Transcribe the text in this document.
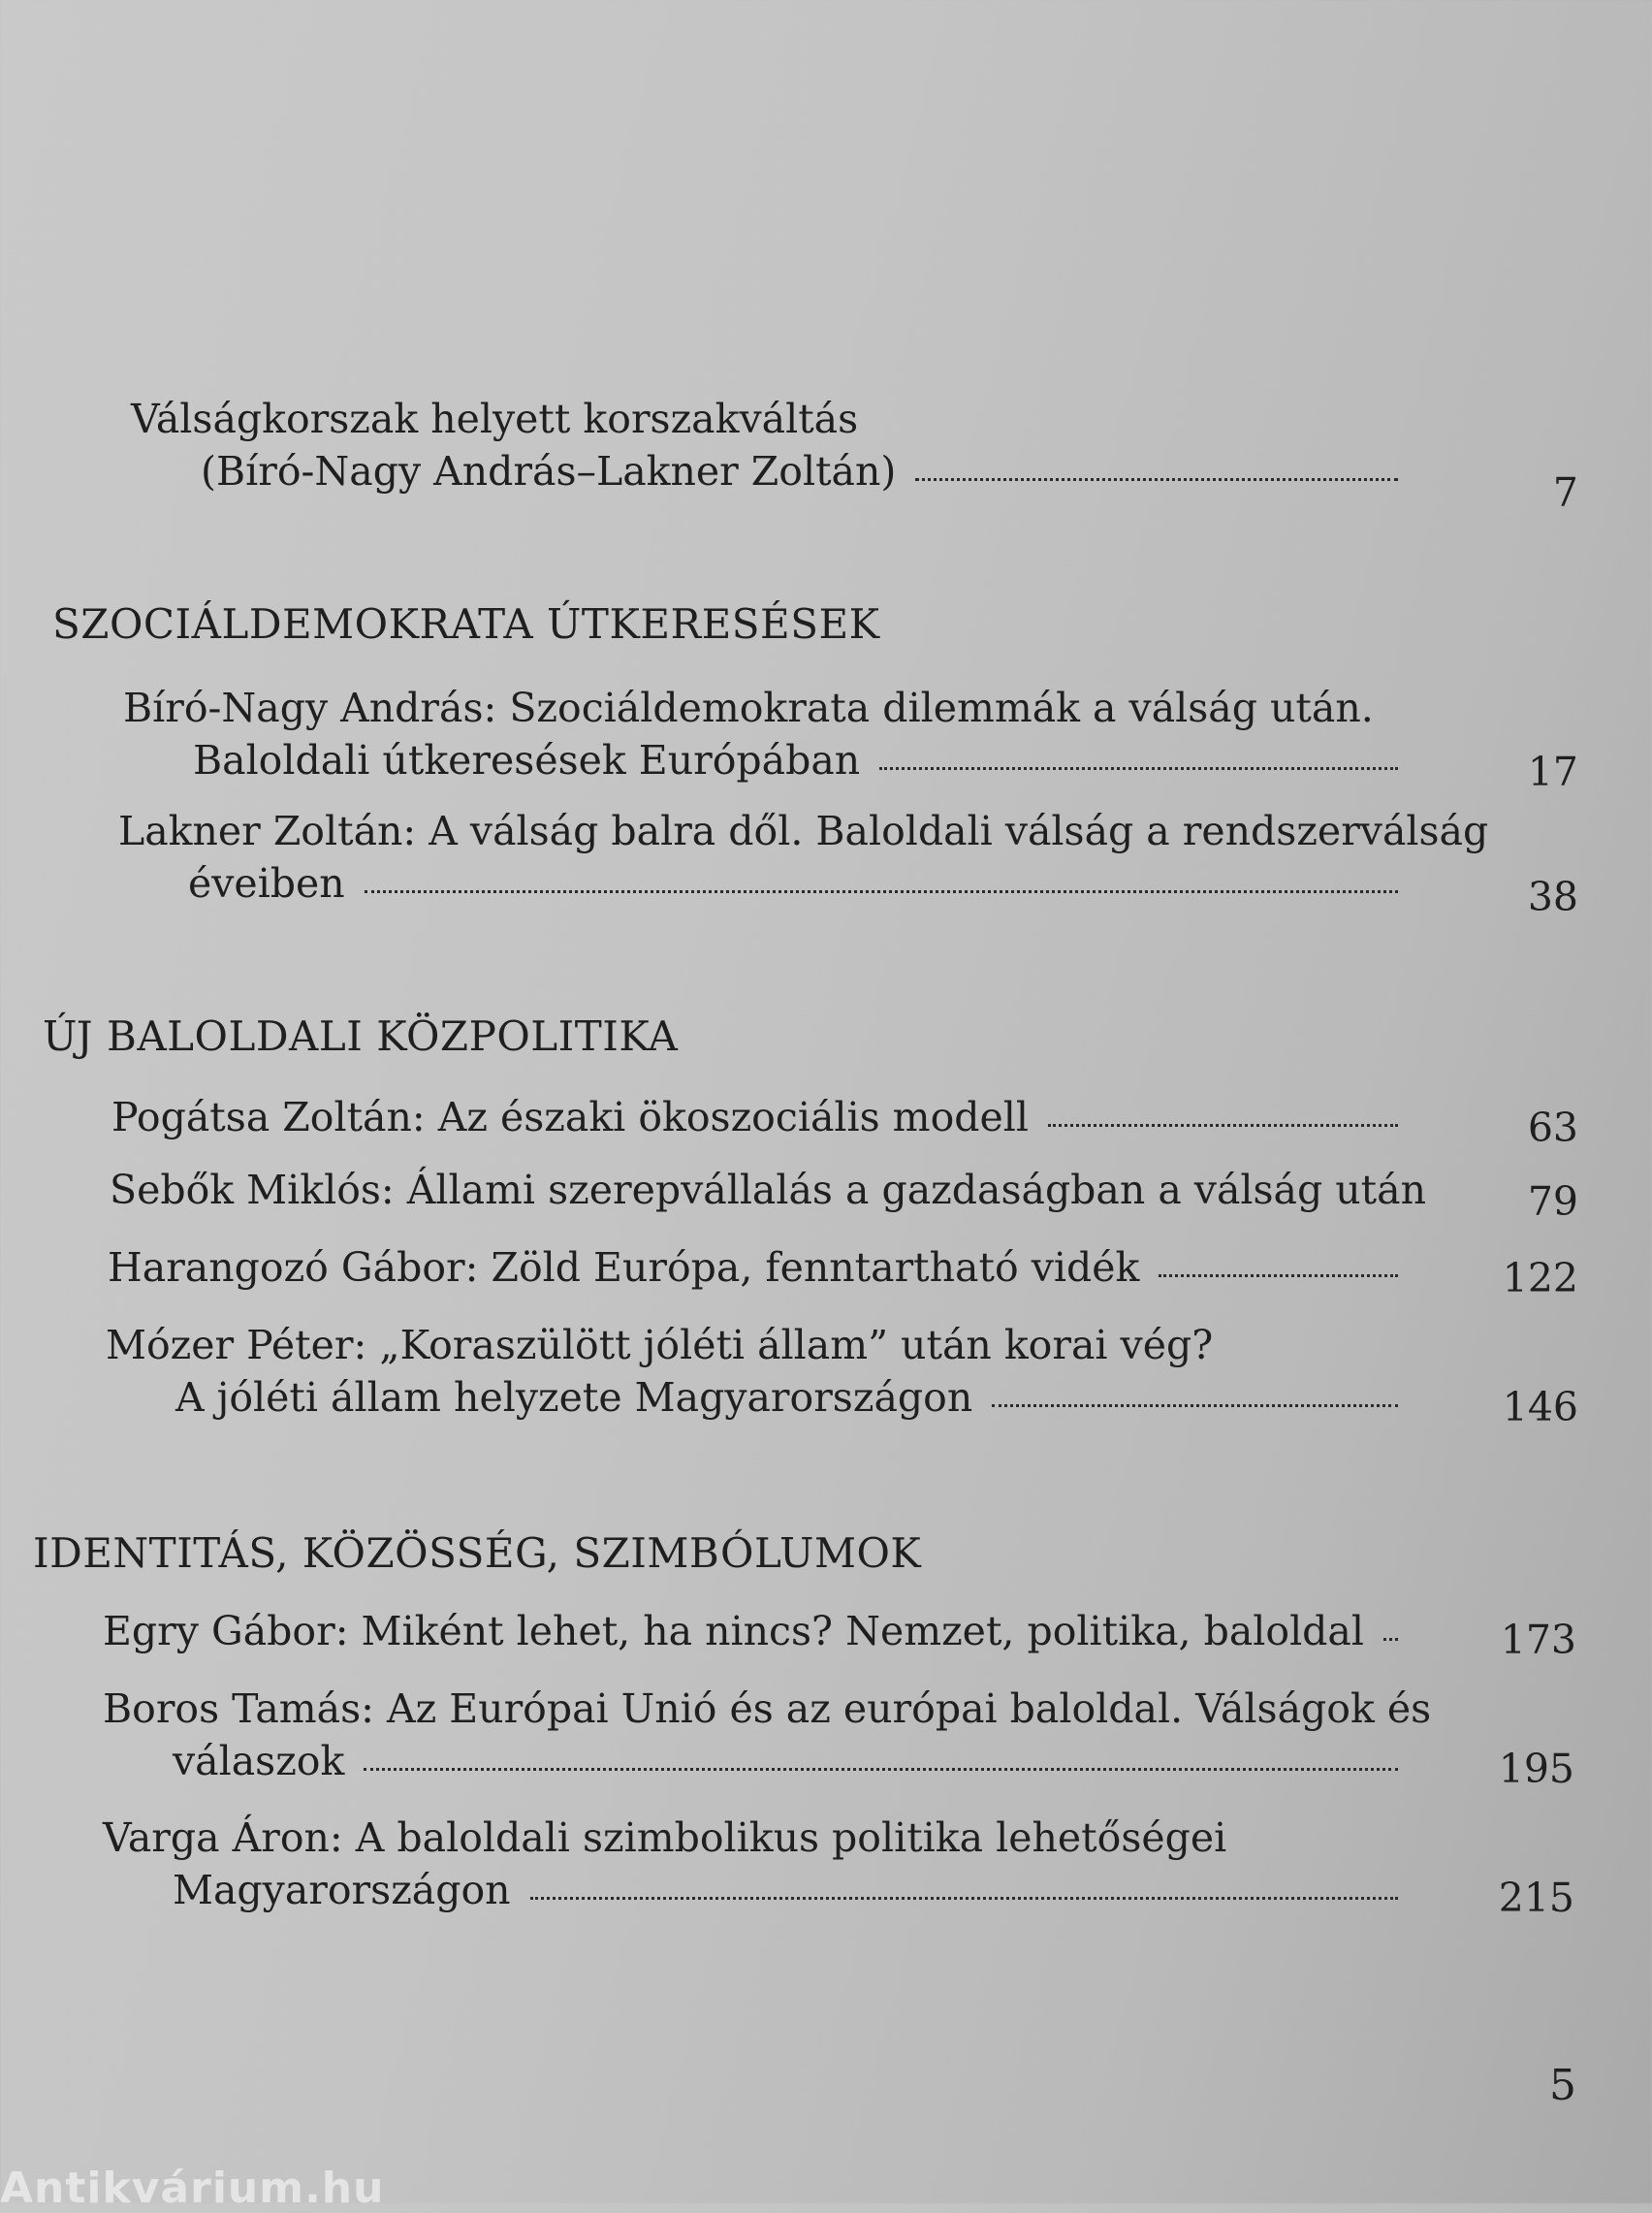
Válságkorszak helyett korszakváltás
(Bíró-Nagy András–Lakner Zoltán)	7
SZOCIÁLDEMOKRATA ÚTKERESÉSEK
Bíró-Nagy András: Szociáldemokrata dilemmák a válság után.
Baloldali útkeresések Európában	17
Lakner Zoltán: A válság balra dől. Baloldali válság a rendszerválság
éveiben	38
ÚJ BALOLDALI KÖZPOLITIKA
Pogátsa Zoltán: Az északi ökoszociális modell	63
Sebők Miklós: Állami szerepvállalás a gazdaságban a válság után	79
Harangozó Gábor: Zöld Európa, fenntartható vidék	122
Mózer Péter: „Koraszülött jóléti állam” után korai vég?
A jóléti állam helyzete Magyarországon	146
IDENTITÁS, KÖZÖSSÉG, SZIMBÓLUMOK
Egry Gábor: Miként lehet, ha nincs? Nemzet, politika, baloldal	173
Boros Tamás: Az Európai Unió és az európai baloldal. Válságok és
válaszok	195
Varga Áron: A baloldali szimbolikus politika lehetőségei
Magyarországon	215
5
Antikvárium.hu
